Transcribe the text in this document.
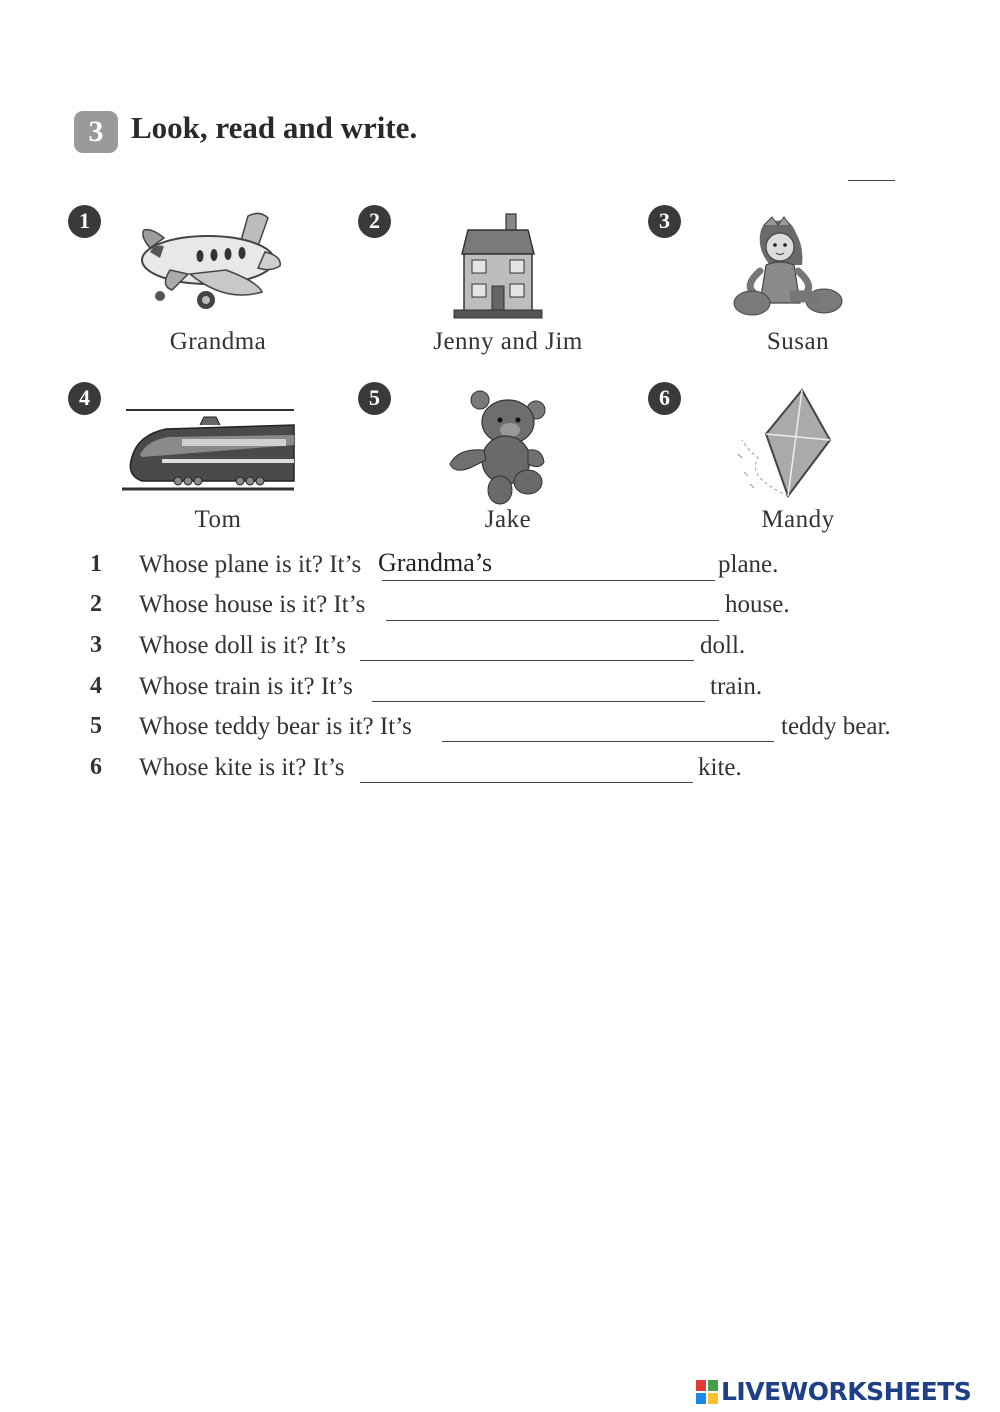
3 Look, read and write.
1
Grandma
2
Jenny and Jim
3
Susan
4
Tom
5
Jake
6
Mandy
1 Whose plane is it? It’s Grandma’s	plane.
2 Whose house is it? It’s	house.
3 Whose doll is it? It’s	doll.
4 Whose train is it? It’s	train.
5 Whose teddy bear is it? It’s	teddy bear.
6 Whose kite is it? It’s	kite.
LIVEWORKSHEETS
